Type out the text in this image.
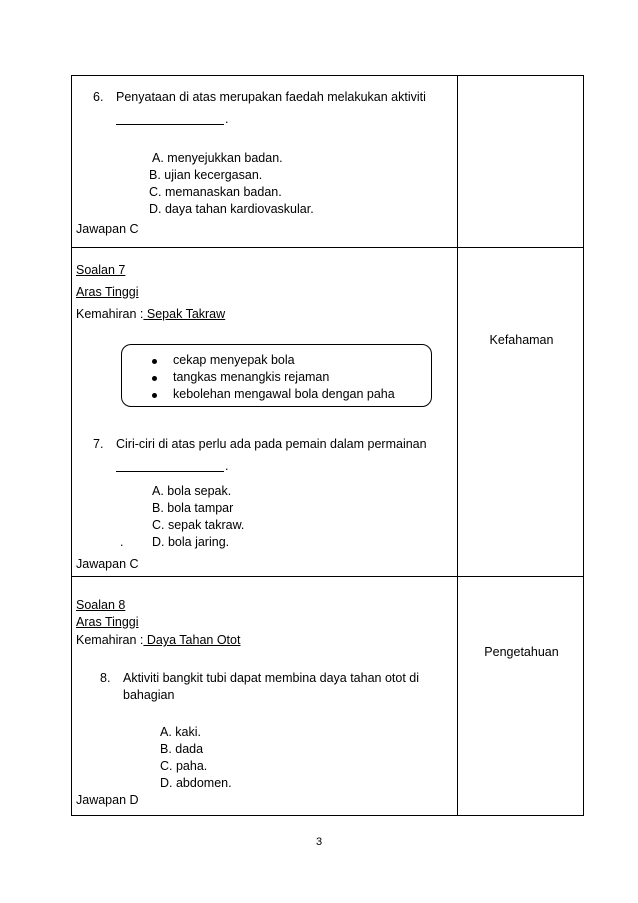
6. Penyataan di atas merupakan faedah melakukan aktiviti
.
A. menyejukkan badan.
B. ujian kecergasan.
C. memanaskan badan.
D. daya tahan kardiovaskular.
Jawapan C
Soalan 7
Aras Tinggi
Kemahiran : Sepak Takraw
cekap menyepak bola
tangkas menangkis rejaman
kebolehan mengawal bola dengan paha
7. Ciri-ciri di atas perlu ada pada pemain dalam permainan
.
A. bola sepak.
B. bola tampar
C. sepak takraw.
. D. bola jaring.
Jawapan C
Kefahaman
Soalan 8
Aras Tinggi
Kemahiran : Daya Tahan Otot
8. Aktiviti bangkit tubi dapat membina daya tahan otot di
bahagian
A. kaki.
B. dada
C. paha.
D. abdomen.
Jawapan D
Pengetahuan
3
